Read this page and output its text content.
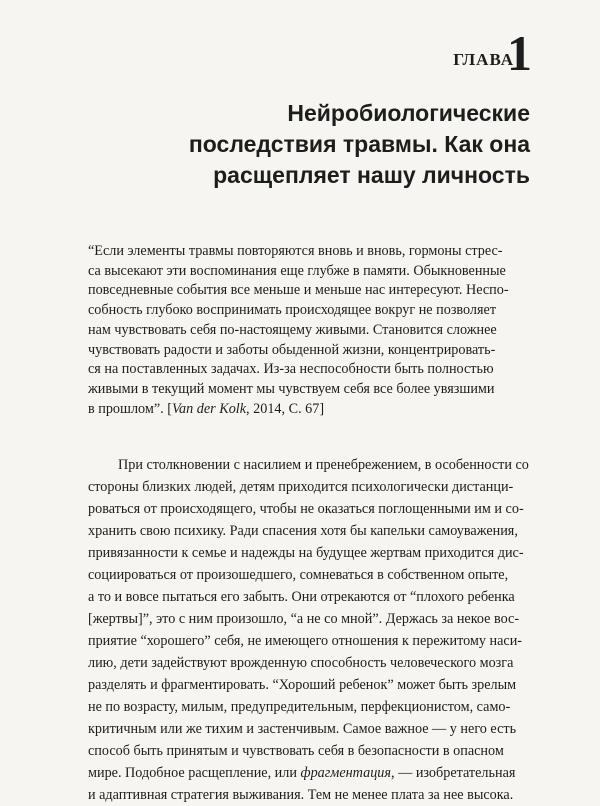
ГЛАВА
1
Нейробиологические
последствия травмы. Как она
расщепляет нашу личность

“Если элементы травмы повторяются вновь и вновь, гормоны стрес-
са высекают эти воспоминания еще глубже в памяти. Обыкновенные
повседневные события все меньше и меньше нас интересуют. Неспо-
собность глубоко воспринимать происходящее вокруг не позволяет
нам чувствовать себя по-настоящему живыми. Становится сложнее
чувствовать радости и заботы обыденной жизни, концентрировать-
ся на поставленных задачах. Из-за неспособности быть полностью
живыми в текущий момент мы чувствуем себя все более увязшими
в прошлом”. [Van der Kolk, 2014, С. 67]

При столкновении с насилием и пренебрежением, в особенности со
стороны близких людей, детям приходится психологически дистанци-
роваться от происходящего, чтобы не оказаться поглощенными им и со-
хранить свою психику. Ради спасения хотя бы капельки самоуважения,
привязанности к семье и надежды на будущее жертвам приходится дис-
социироваться от произошедшего, сомневаться в собственном опыте,
а то и вовсе пытаться его забыть. Они отрекаются от “плохого ребенка
[жертвы]”, это с ним произошло, “а не со мной”. Держась за некое вос-
приятие “хорошего” себя, не имеющего отношения к пережитому наси-
лию, дети задействуют врожденную способность человеческого мозга
разделять и фрагментировать. “Хороший ребенок” может быть зрелым
не по возрасту, милым, предупредительным, перфекционистом, само-
критичным или же тихим и застенчивым. Самое важное — у него есть
способ быть принятым и чувствовать себя в безопасности в опасном
мире. Подобное расщепление, или фрагментация, — изобретательная
и адаптивная стратегия выживания. Тем не менее плата за нее высока.
